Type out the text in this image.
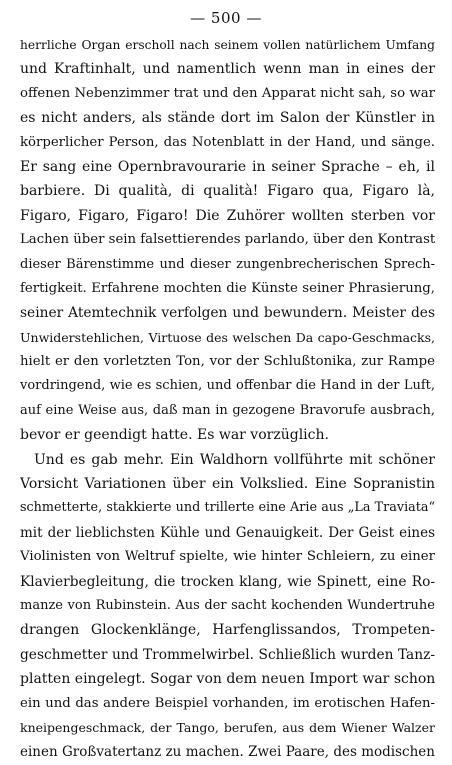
— 500 —
herrliche Organ erscholl nach seinem vollen natürlichem Umfang
und Kraftinhalt, und namentlich wenn man in eines der
offenen Nebenzimmer trat und den Apparat nicht sah, so war
es nicht anders, als stände dort im Salon der Künstler in
körperlicher Person, das Notenblatt in der Hand, und sänge.
Er sang eine Opernbravourarie in seiner Sprache – eh, il
barbiere. Di qualità, di qualità! Figaro qua, Figaro là,
Figaro, Figaro, Figaro! Die Zuhörer wollten sterben vor
Lachen über sein falsettierendes parlando, über den Kontrast
dieser Bärenstimme und dieser zungenbrecherischen Sprech-
fertigkeit. Erfahrene mochten die Künste seiner Phrasierung,
seiner Atemtechnik verfolgen und bewundern. Meister des
Unwiderstehlichen, Virtuose des welschen Da capo-Geschmacks,
hielt er den vorletzten Ton, vor der Schlußtonika, zur Rampe
vordringend, wie es schien, und offenbar die Hand in der Luft,
auf eine Weise aus, daß man in gezogene Bravorufe ausbrach,
bevor er geendigt hatte. Es war vorzüglich.
Und es gab mehr. Ein Waldhorn vollführte mit schöner
Vorsicht Variationen über ein Volkslied. Eine Sopranistin
schmetterte, stakkierte und trillerte eine Arie aus „La Traviata“
mit der lieblichsten Kühle und Genauigkeit. Der Geist eines
Violinisten von Weltruf spielte, wie hinter Schleiern, zu einer
Klavierbegleitung, die trocken klang, wie Spinett, eine Ro-
manze von Rubinstein. Aus der sacht kochenden Wundertruhe
drangen Glockenklänge, Harfenglissandos, Trompeten-
geschmetter und Trommelwirbel. Schließlich wurden Tanz-
platten eingelegt. Sogar von dem neuen Import war schon
ein und das andere Beispiel vorhanden, im erotischen Hafen-
kneipengeschmack, der Tango, berufen, aus dem Wiener Walzer
einen Großvatertanz zu machen. Zwei Paare, des modischen
